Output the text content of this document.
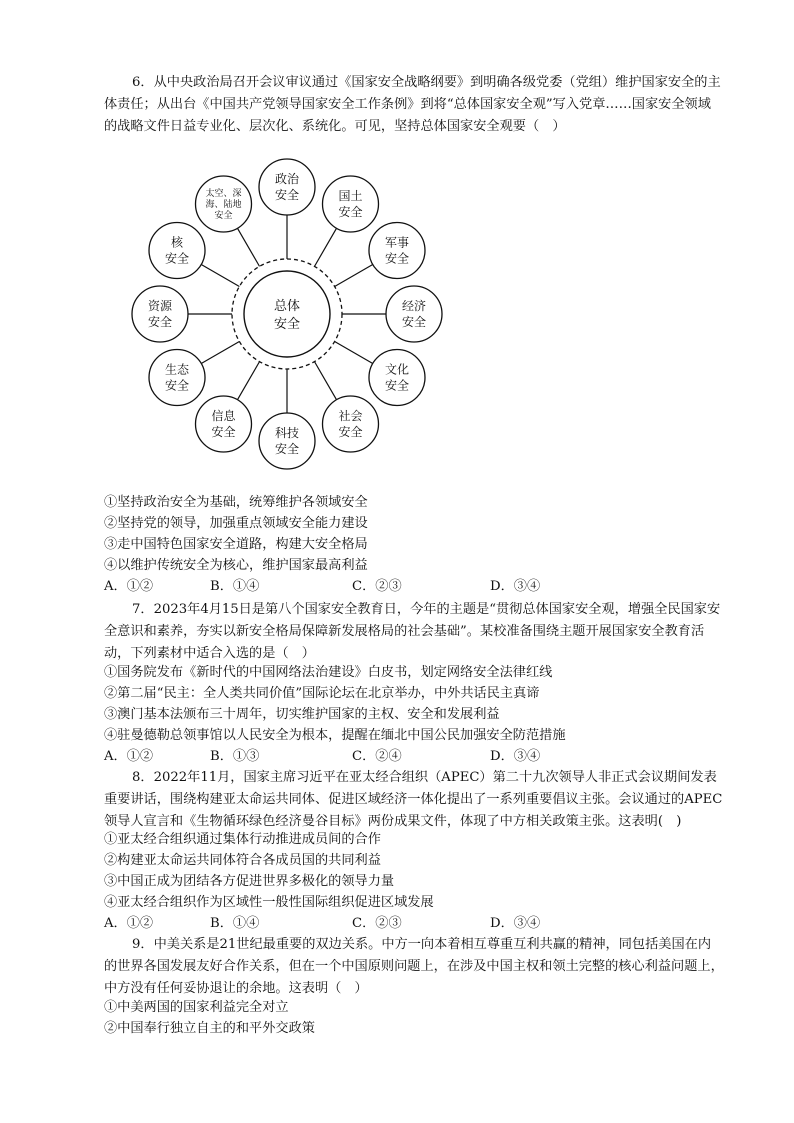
6．从中央政治局召开会议审议通过《国家安全战略纲要》到明确各级党委（党组）维护国家安全的主体责任；从出台《中国共产党领导国家安全工作条例》到将“总体国家安全观”写入党章……国家安全领域的战略文件日益专业化、层次化、系统化。可见，坚持总体国家安全观要（　）

总体
安全
政治
安全	国土
安全
军事
安全
经济
安全
文化
安全
社会
安全
科技
安全
信息
安全
生态
安全
资源
安全
核
安全
太空、深
海、陆地
安全
①坚持政治安全为基础，统筹维护各领域安全
②坚持党的领导，加强重点领域安全能力建设
③走中国特色国家安全道路，构建大安全格局
④以维护传统安全为核心，维护国家最高利益
A．①②	B．①④	C．②③	D．③④

7．2023年4月15日是第八个国家安全教育日，今年的主题是“贯彻总体国家安全观，增强全民国家安全意识和素养，夯实以新安全格局保障新发展格局的社会基础”。某校准备围绕主题开展国家安全教育活动，下列素材中适合入选的是（　）

①国务院发布《新时代的中国网络法治建设》白皮书，划定网络安全法律红线
②第二届“民主：全人类共同价值”国际论坛在北京举办，中外共话民主真谛
③澳门基本法颁布三十周年，切实维护国家的主权、安全和发展利益
④驻曼德勒总领事馆以人民安全为根本，提醒在缅北中国公民加强安全防范措施
A．①②	B．①③	C．②④	D．③④

8．2022年11月，国家主席习近平在亚太经合组织（APEC）第二十九次领导人非正式会议期间发表重要讲话，围绕构建亚太命运共同体、促进区域经济一体化提出了一系列重要倡议主张。会议通过的APEC领导人宣言和《生物循环绿色经济曼谷目标》两份成果文件，体现了中方相关政策主张。这表明(　)

①亚太经合组织通过集体行动推进成员间的合作
②构建亚太命运共同体符合各成员国的共同利益
③中国正成为团结各方促进世界多极化的领导力量
④亚太经合组织作为区域性一般性国际组织促进区域发展
A．①②	B．①④	C．②③	D．③④

9．中美关系是21世纪最重要的双边关系。中方一向本着相互尊重互利共赢的精神，同包括美国在内的世界各国发展友好合作关系，但在一个中国原则问题上，在涉及中国主权和领土完整的核心利益问题上，中方没有任何妥协退让的余地。这表明（　）

①中美两国的国家利益完全对立
②中国奉行独立自主的和平外交政策
